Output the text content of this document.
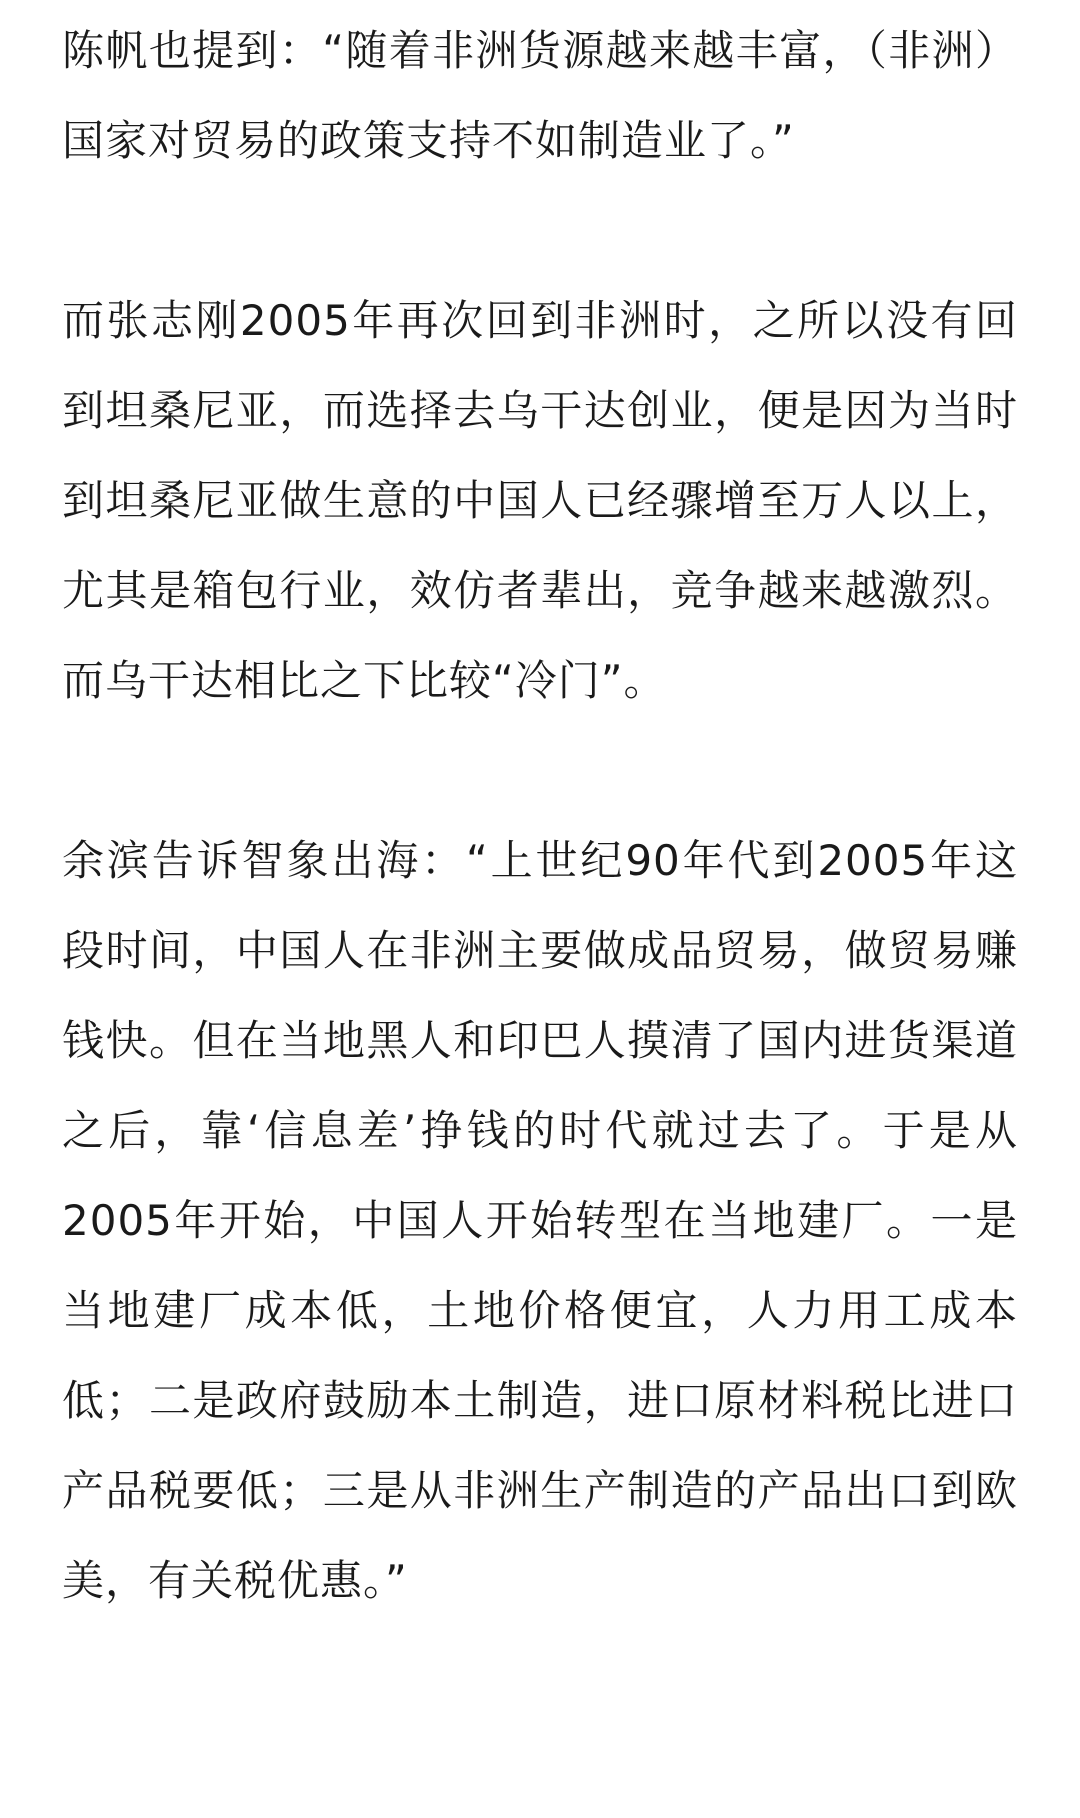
陈帆也提到：“随着非洲货源越来越丰富，（非洲）国家对贸易的政策支持不如制造业了。”

而张志刚2005年再次回到非洲时，之所以没有回到坦桑尼亚，而选择去乌干达创业，便是因为当时到坦桑尼亚做生意的中国人已经骤增至万人以上，尤其是箱包行业，效仿者辈出，竞争越来越激烈。而乌干达相比之下比较“冷门”。

余滨告诉智象出海：“上世纪90年代到2005年这段时间，中国人在非洲主要做成品贸易，做贸易赚钱快。但在当地黑人和印巴人摸清了国内进货渠道之后，靠‘信息差’挣钱的时代就过去了。于是从2005年开始，中国人开始转型在当地建厂。一是当地建厂成本低，土地价格便宜，人力用工成本低；二是政府鼓励本土制造，进口原材料税比进口产品税要低；三是从非洲生产制造的产品出口到欧美，有关税优惠。”
